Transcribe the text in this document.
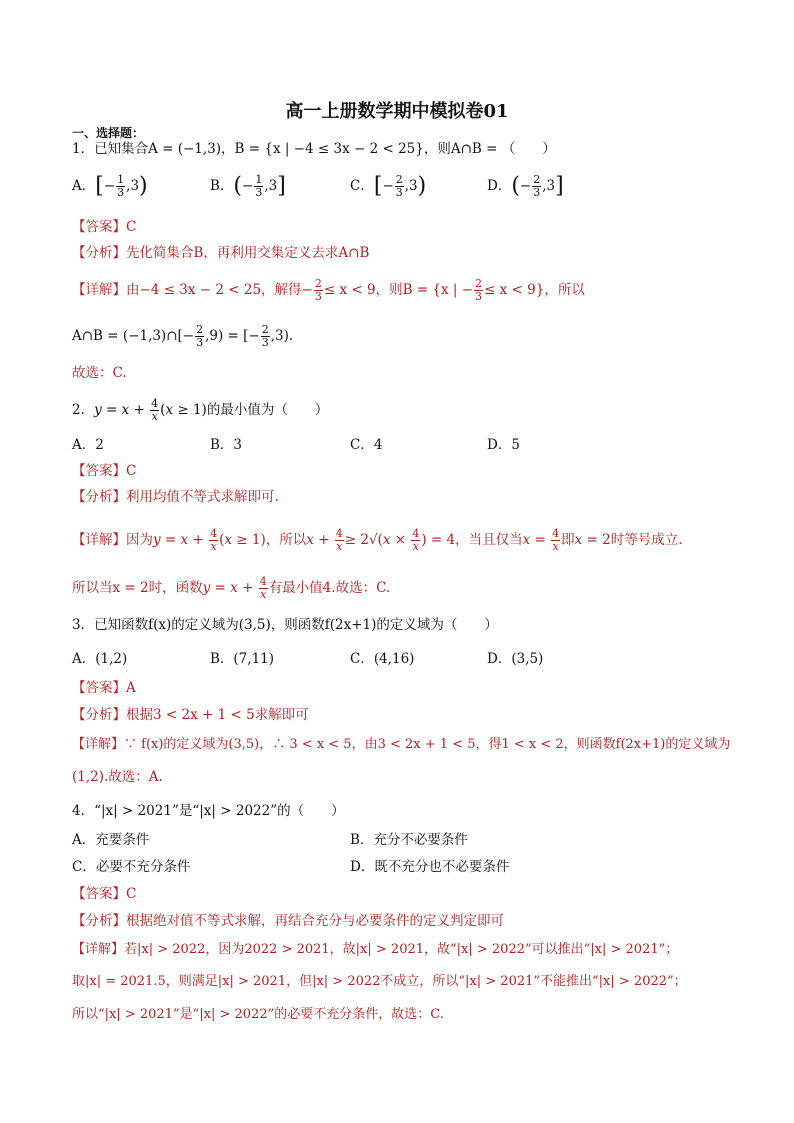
高一上册数学期中模拟卷01
一、选择题：
1．已知集合A = (−1,3)，B = {x | −4 ≤ 3x − 2 < 25}，则A∩B = （　　）
A．[− $\frac{1}{3} ,3$)	B．(− $\frac{1}{3} ,3$]	C．[− $\frac{2}{3} ,3$)	D．(− $\frac{2}{3} ,3$]
【答案】C
【分析】先化简集合B，再利用交集定义去求A∩B
【详解】由−4 ≤ 3x − 2 < 25，解得− $\frac{2}{3} \le x < 9$，则B = {x | − $\frac{2}{3} \le x < 9$}，所以
A∩B = (−1,3)∩[− $\frac{2}{3} ,9$) = [− $\frac{2}{3} ,3$).
故选：C.
2．$y = x + \frac{4}{x} (x \ge 1)$的最小值为（　　）
A．2	B．3	C．4	D．5
【答案】C
【分析】利用均值不等式求解即可.
【详解】因为$y = x + \frac{4}{x} (x \ge 1)$，所以$x + \frac{4}{x} \ge 2√(x \times \frac{4}{x}$ ) = 4，当且仅当$x = \frac{4}{x}$ 即x = 2时等号成立.
所以当x = 2时，函数$y = x + \frac{4}{x}$ 有最小值4.故选：C.
3．已知函数f(x)的定义域为(3,5)，则函数f(2x+1)的定义域为（　　）
A．(1,2)	B．(7,11)	C．(4,16)	D．(3,5)
【答案】A
【分析】根据3 < 2x + 1 < 5求解即可
【详解】∵ f(x)的定义域为(3,5)，∴ 3 < x < 5，由3 < 2x + 1 < 5，得1 < x < 2，则函数f(2x+1)的定义域为
(1,2).故选：A.
4．“|x| > 2021”是“|x| > 2022”的（　　）
A．充要条件	B．充分不必要条件
C．必要不充分条件	D．既不充分也不必要条件
【答案】C
【分析】根据绝对值不等式求解，再结合充分与必要条件的定义判定即可
【详解】若|x| > 2022，因为2022 > 2021，故|x| > 2021，故“|x| > 2022”可以推出“|x| > 2021”；
取|x| = 2021.5，则满足|x| > 2021，但|x| > 2022不成立，所以“|x| > 2021”不能推出“|x| > 2022”；
所以“|x| > 2021”是“|x| > 2022”的必要不充分条件，故选：C.
